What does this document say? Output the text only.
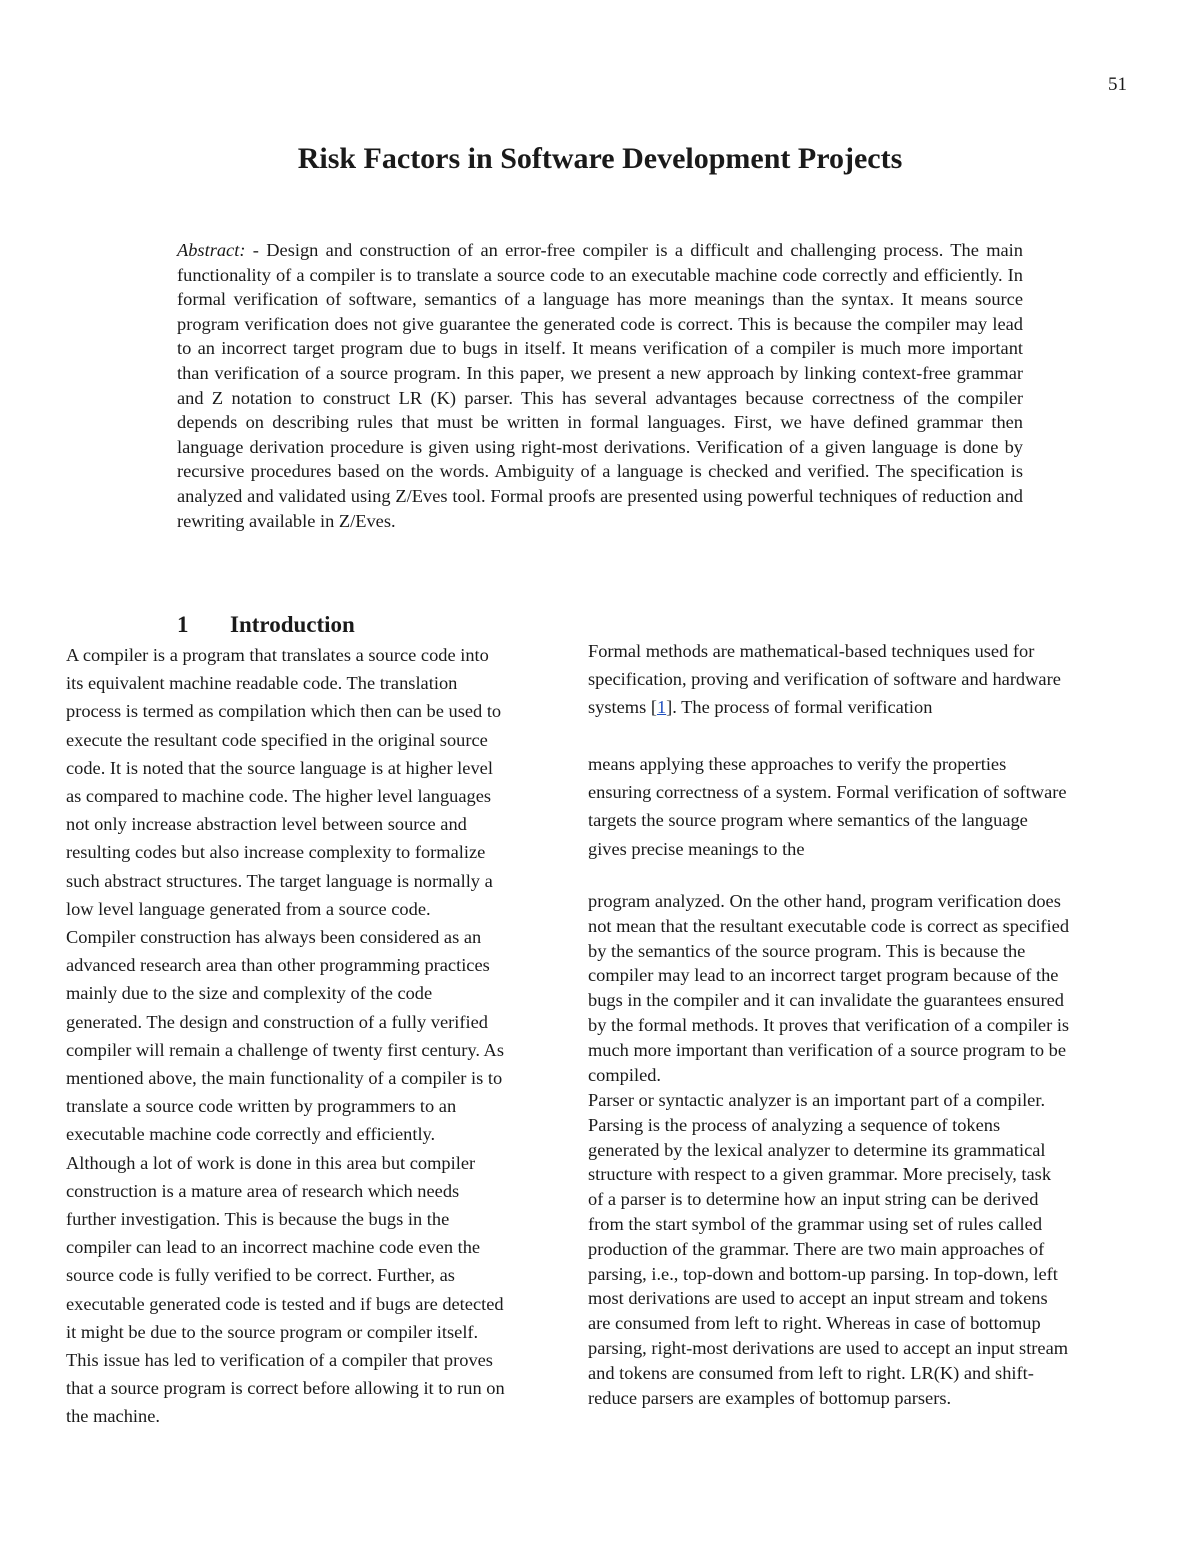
51
Risk Factors in Software Development Projects

Abstract: - Design and construction of an error-free compiler is a difficult and challenging process. The main functionality of a compiler is to translate a source code to an executable machine code correctly and efficiently. In formal verification of software, semantics of a language has more meanings than the syntax. It means source program verification does not give guarantee the generated code is correct. This is because the compiler may lead to an incorrect target program due to bugs in itself. It means verification of a compiler is much more important than verification of a source program. In this paper, we present a new approach by linking context-free grammar and Z notation to construct LR (K) parser. This has several advantages because correctness of the compiler depends on describing rules that must be written in formal languages. First, we have defined grammar then language derivation procedure is given using right-most derivations. Verification of a given language is done by recursive procedures based on the words. Ambiguity of a language is checked and verified. The specification is analyzed and validated using Z/Eves tool. Formal proofs are presented using powerful techniques of reduction and rewriting available in Z/Eves.

1 Introduction
A compiler is a program that translates a source code into
its equivalent machine readable code. The translation
process is termed as compilation which then can be used to
execute the resultant code specified in the original source
code. It is noted that the source language is at higher level
as compared to machine code. The higher level languages
not only increase abstraction level between source and
resulting codes but also increase complexity to formalize
such abstract structures. The target language is normally a
low level language generated from a source code.
Compiler construction has always been considered as an
advanced research area than other programming practices
mainly due to the size and complexity of the code
generated. The design and construction of a fully verified
compiler will remain a challenge of twenty first century. As
mentioned above, the main functionality of a compiler is to
translate a source code written by programmers to an
executable machine code correctly and efficiently.
Although a lot of work is done in this area but compiler
construction is a mature area of research which needs
further investigation. This is because the bugs in the
compiler can lead to an incorrect machine code even the
source code is fully verified to be correct. Further, as
executable generated code is tested and if bugs are detected
it might be due to the source program or compiler itself.
This issue has led to verification of a compiler that proves
that a source program is correct before allowing it to run on
the machine.
Formal methods are mathematical-based techniques used for
specification, proving and verification of software and hardware
systems [1]. The process of formal verification
means applying these approaches to verify the properties
ensuring correctness of a system. Formal verification of software
targets the source program where semantics of the language
gives precise meanings to the
program analyzed. On the other hand, program verification does
not mean that the resultant executable code is correct as specified
by the semantics of the source program. This is because the
compiler may lead to an incorrect target program because of the
bugs in the compiler and it can invalidate the guarantees ensured
by the formal methods. It proves that verification of a compiler is
much more important than verification of a source program to be
compiled.
Parser or syntactic analyzer is an important part of a compiler.
Parsing is the process of analyzing a sequence of tokens
generated by the lexical analyzer to determine its grammatical
structure with respect to a given grammar. More precisely, task
of a parser is to determine how an input string can be derived
from the start symbol of the grammar using set of rules called
production of the grammar. There are two main approaches of
parsing, i.e., top-down and bottom-up parsing. In top-down, left
most derivations are used to accept an input stream and tokens
are consumed from left to right. Whereas in case of bottomup
parsing, right-most derivations are used to accept an input stream
and tokens are consumed from left to right. LR(K) and shift-
reduce parsers are examples of bottomup parsers.
